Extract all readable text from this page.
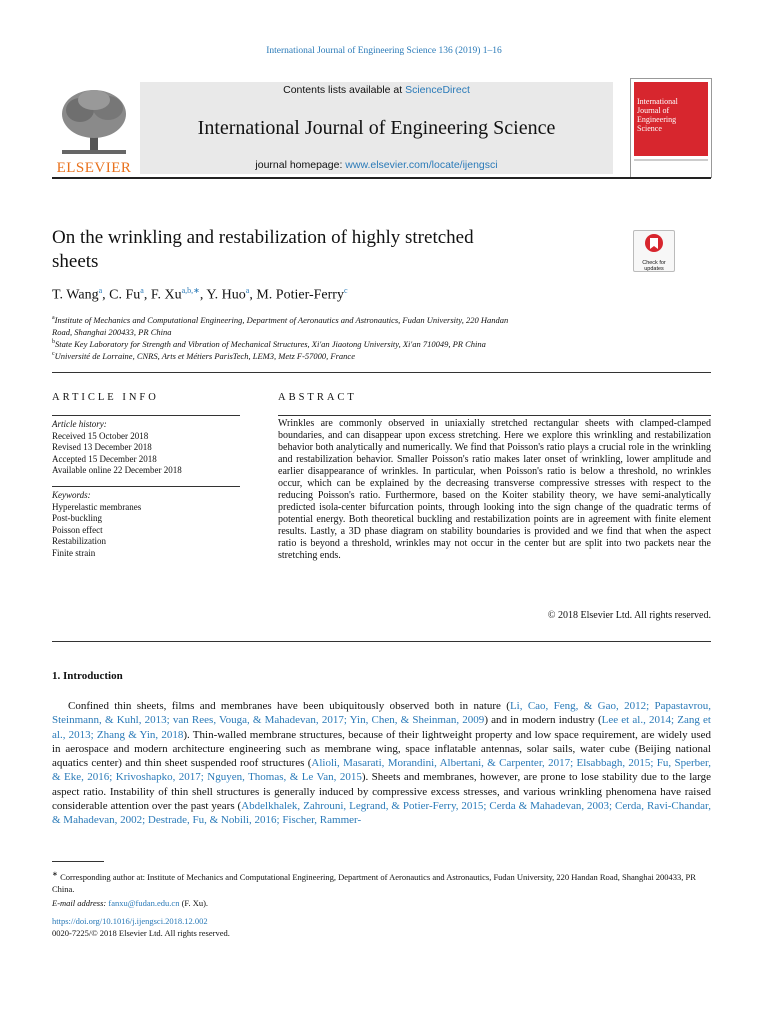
International Journal of Engineering Science 136 (2019) 1–16
ELSEVIER
Contents lists available at ScienceDirect
International Journal of Engineering Science
journal homepage: www.elsevier.com/locate/ijengsci
International
Journal of
Engineering
Science
On the wrinkling and restabilization of highly stretched
sheets	Check for
updates
T. Wang$^a$, C. Fu$^a$, F. $Xu^{a,b,∗}$, Y. Huo$^a$, M. Potier-Ferry$^c$
$^a$Institute of Mechanics and Computational Engineering, Department of Aeronautics and Astronautics, Fudan University, 220 Handan
Road, Shanghai 200433, PR China
$^b$State Key Laboratory for Strength and Vibration of Mechanical Structures, Xi'an Jiaotong University, Xi'an 710049, PR China
$^c$Université de Lorraine, CNRS, Arts et Métiers ParisTech, LEM3, Metz F-57000, France
ARTICLE INFO
Article history:
Received 15 October 2018
Revised 13 December 2018
Accepted 15 December 2018
Available online 22 December 2018
Keywords:
Hyperelastic membranes
Post-buckling
Poisson effect
Restabilization
Finite strain
ABSTRACT
Wrinkles are commonly observed in uniaxially stretched rectangular sheets with clamped-clamped boundaries, and can disappear upon excess stretching. Here we explore this wrinkling and restabilization behavior both analytically and numerically. We find that Poisson's ratio plays a crucial role in the wrinkling and restabilization behavior. Smaller Poisson's ratio makes later onset of wrinkling, lower amplitude and earlier disappearance of wrinkles. In particular, when Poisson's ratio is below a threshold, no wrinkles occur, which can be explained by the decreasing transverse compressive stresses with respect to the reducing Poisson's ratio. Furthermore, based on the Koiter stability theory, we have semi-analytically predicted isola-center bifurcation points, through looking into the sign change of the quadratic terms of potential energy. Both theoretical buckling and restabilization points are in agreement with finite element results. Lastly, a 3D phase diagram on stability boundaries is provided and we find that when the aspect ratio is beyond a threshold, wrinkles may not occur in the center but are split into two packets near the stretching ends.
© 2018 Elsevier Ltd. All rights reserved.
1. Introduction
Confined thin sheets, films and membranes have been ubiquitously observed both in nature (Li, Cao, Feng, & Gao, 2012; Papastavrou, Steinmann, & Kuhl, 2013; van Rees, Vouga, & Mahadevan, 2017; Yin, Chen, & Sheinman, 2009) and in modern industry (Lee et al., 2014; Zang et al., 2013; Zhang & Yin, 2018). Thin-walled membrane structures, because of their lightweight property and low space requirement, are widely used in aerospace and modern architecture engineering such as membrane wing, space inflatable antennas, solar sails, water cube (Beijing national aquatics center) and thin sheet suspended roof structures (Alioli, Masarati, Morandini, Albertani, & Carpenter, 2017; Elsabbagh, 2015; Fu, Sperber, & Eke, 2016; Krivoshapko, 2017; Nguyen, Thomas, & Le Van, 2015). Sheets and membranes, however, are prone to lose stability due to the large aspect ratio. Instability of thin shell structures is generally induced by compressive excess stresses, and various wrinkling phenomena have raised considerable attention over the past years (Abdelkhalek, Zahrouni, Legrand, & Potier-Ferry, 2015; Cerda & Mahadevan, 2003; Cerda, Ravi-Chandar, & Mahadevan, 2002; Destrade, Fu, & Nobili, 2016; Fischer, Rammer-
∗ Corresponding author at: Institute of Mechanics and Computational Engineering, Department of Aeronautics and Astronautics, Fudan University, 220 Handan Road, Shanghai 200433, PR China.
E-mail address: fanxu@fudan.edu.cn (F. Xu).
https://doi.org/10.1016/j.ijengsci.2018.12.002
0020-7225/© 2018 Elsevier Ltd. All rights reserved.
